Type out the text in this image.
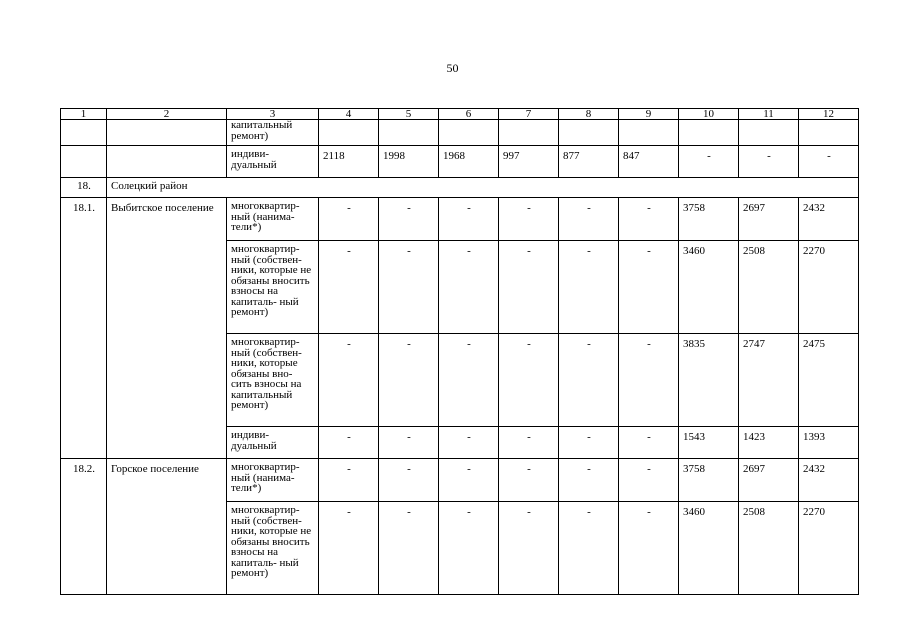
50
1	2	3	4	5	6	7	8	9	10	11	12
		капитальный ремонт)									
		индиви- дуальный	2118	1998	1968	997	877	847	-	-	-
18.	Солецкий район										
18.1.	Выбитское поселение	многоквартир- ный (нанима- тели*)	-	-	-	-	-	-	3758	2697	2432
		многоквартир- ный (собствен- ники, которые не обязаны вносить взносы на капиталь- ный ремонт)	-	-	-	-	-	-	3460	2508	2270
		многоквартир- ный (собствен- ники, которые обязаны вно- сить взносы на капитальный ремонт)	-	-	-	-	-	-	3835	2747	2475
		индиви- дуальный	-	-	-	-	-	-	1543	1423	1393
18.2.	Горское поселение	многоквартир- ный (нанима- тели*)	-	-	-	-	-	-	3758	2697	2432
		многоквартир- ный (собствен- ники, которые не обязаны вносить взносы на капиталь- ный ремонт)	-	-	-	-	-	-	3460	2508	2270
